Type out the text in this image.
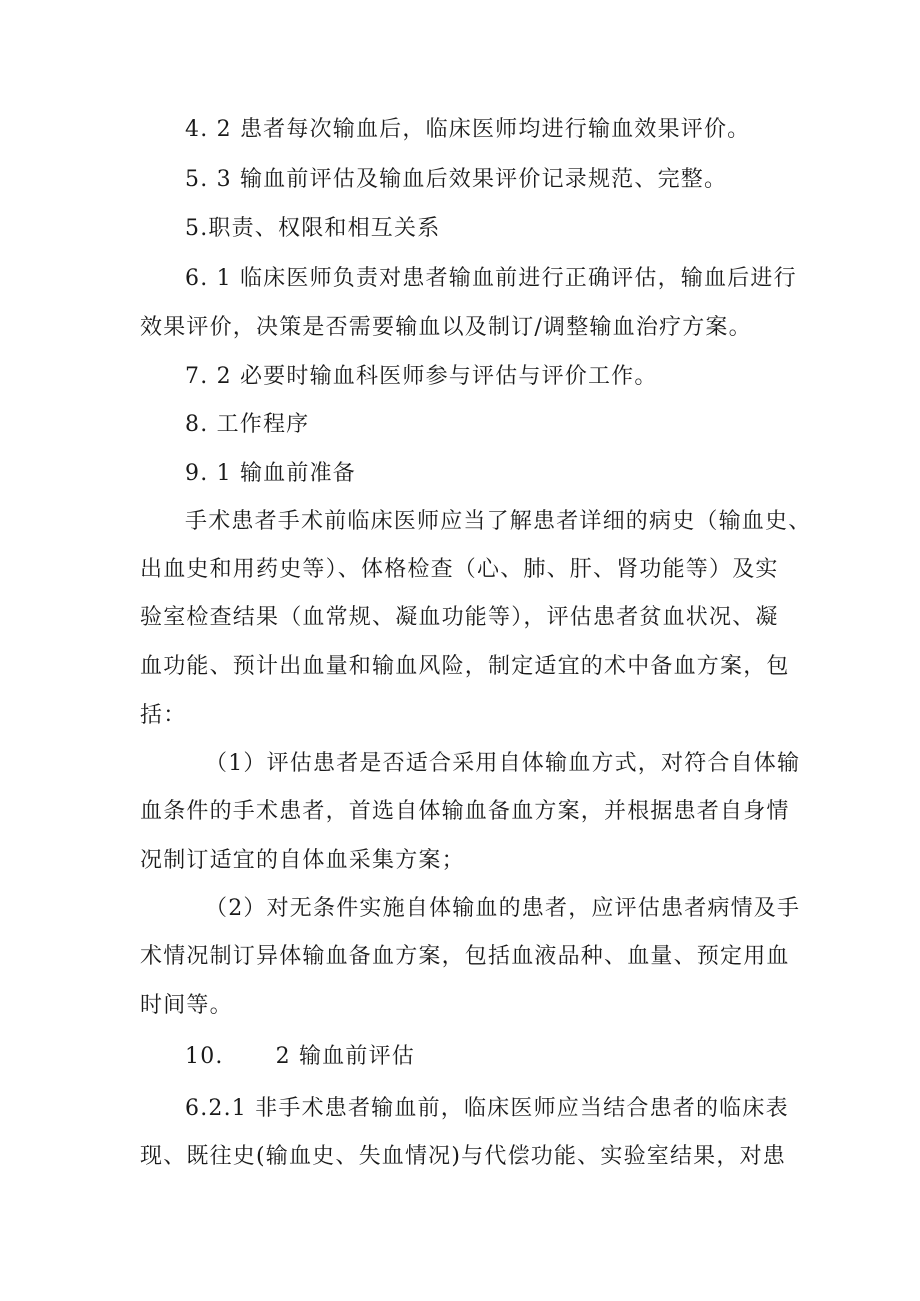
4. 2 患者每次输血后，临床医师均进行输血效果评价。

5. 3 输血前评估及输血后效果评价记录规范、完整。

5.职责、权限和相互关系

6. 1 临床医师负责对患者输血前进行正确评估，输血后进行

效果评价，决策是否需要输血以及制订/调整输血治疗方案。

7. 2 必要时输血科医师参与评估与评价工作。

8. 工作程序

9. 1 输血前准备

手术患者手术前临床医师应当了解患者详细的病史（输血史、

出血史和用药史等）、体格检查（心、肺、肝、肾功能等）及实

验室检查结果（血常规、凝血功能等），评估患者贫血状况、凝

血功能、预计出血量和输血风险，制定适宜的术中备血方案，包

括：

（1）评估患者是否适合采用自体输血方式，对符合自体输

血条件的手术患者，首选自体输血备血方案，并根据患者自身情

况制订适宜的自体血采集方案；

（2）对无条件实施自体输血的患者，应评估患者病情及手

术情况制订异体输血备血方案，包括血液品种、血量、预定用血

时间等。

10. 2 输血前评估

6.2.1 非手术患者输血前，临床医师应当结合患者的临床表

现、既往史(输血史、失血情况)与代偿功能、实验室结果，对患
